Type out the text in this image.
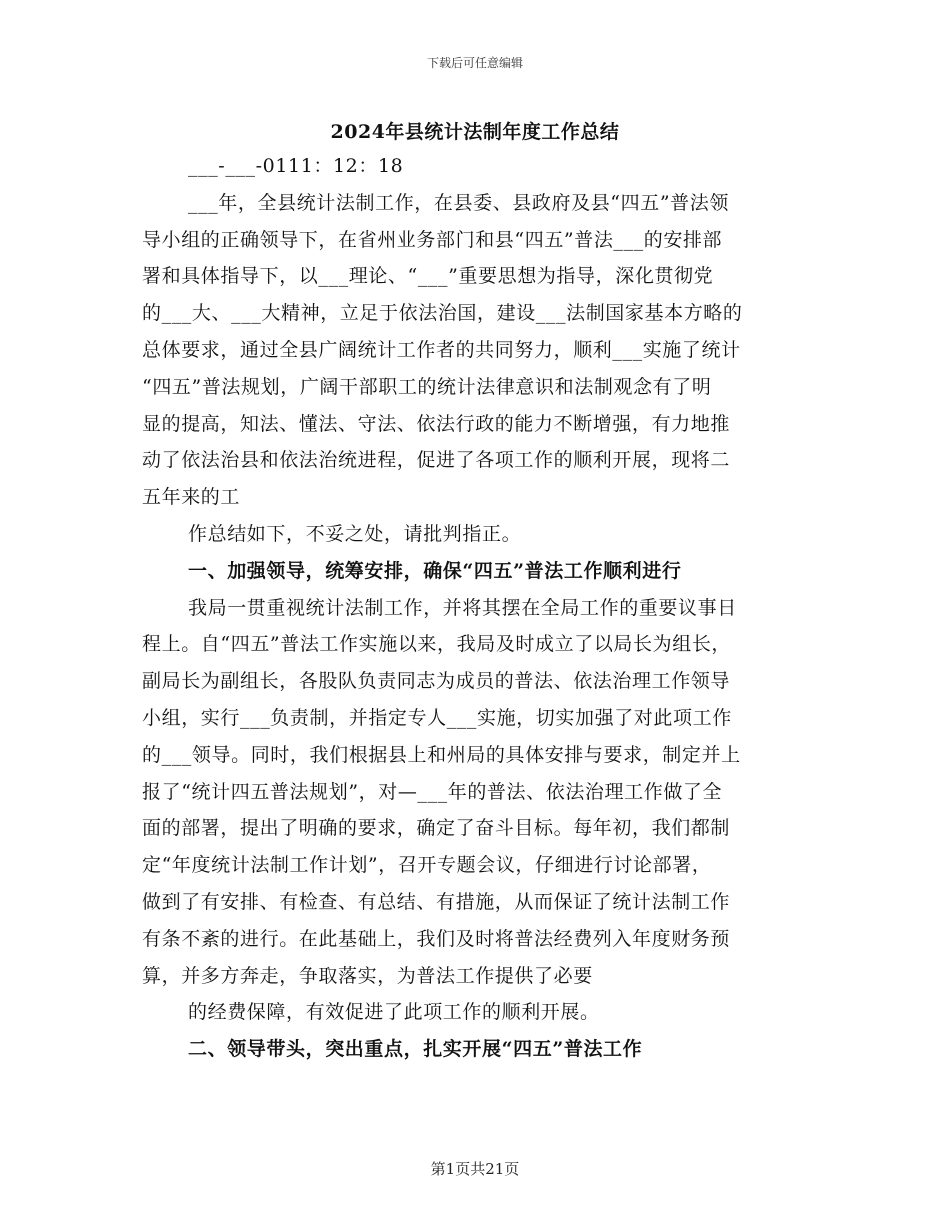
下载后可任意编辑
2024年县统计法制年度工作总结

___-___-0111：12：18

___年，全县统计法制工作，在县委、县政府及县“四五”普法领

导小组的正确领导下，在省州业务部门和县“四五”普法___的安排部

署和具体指导下，以___理论、“___”重要思想为指导，深化贯彻党

的___大、___大精神，立足于依法治国，建设___法制国家基本方略的

总体要求，通过全县广阔统计工作者的共同努力，顺利___实施了统计

“四五”普法规划，广阔干部职工的统计法律意识和法制观念有了明

显的提高，知法、懂法、守法、依法行政的能力不断增强，有力地推

动了依法治县和依法治统进程，促进了各项工作的顺利开展，现将二

五年来的工

作总结如下，不妥之处，请批判指正。

一、加强领导，统筹安排，确保“四五”普法工作顺利进行

我局一贯重视统计法制工作，并将其摆在全局工作的重要议事日

程上。自“四五”普法工作实施以来，我局及时成立了以局长为组长，

副局长为副组长，各股队负责同志为成员的普法、依法治理工作领导

小组，实行___负责制，并指定专人___实施，切实加强了对此项工作

的___领导。同时，我们根据县上和州局的具体安排与要求，制定并上

报了“统计四五普法规划”，对—___年的普法、依法治理工作做了全

面的部署，提出了明确的要求，确定了奋斗目标。每年初，我们都制

定“年度统计法制工作计划”，召开专题会议，仔细进行讨论部署，

做到了有安排、有检查、有总结、有措施，从而保证了统计法制工作

有条不紊的进行。在此基础上，我们及时将普法经费列入年度财务预

算，并多方奔走，争取落实，为普法工作提供了必要

的经费保障，有效促进了此项工作的顺利开展。

二、领导带头，突出重点，扎实开展“四五”普法工作

第1页共21页
